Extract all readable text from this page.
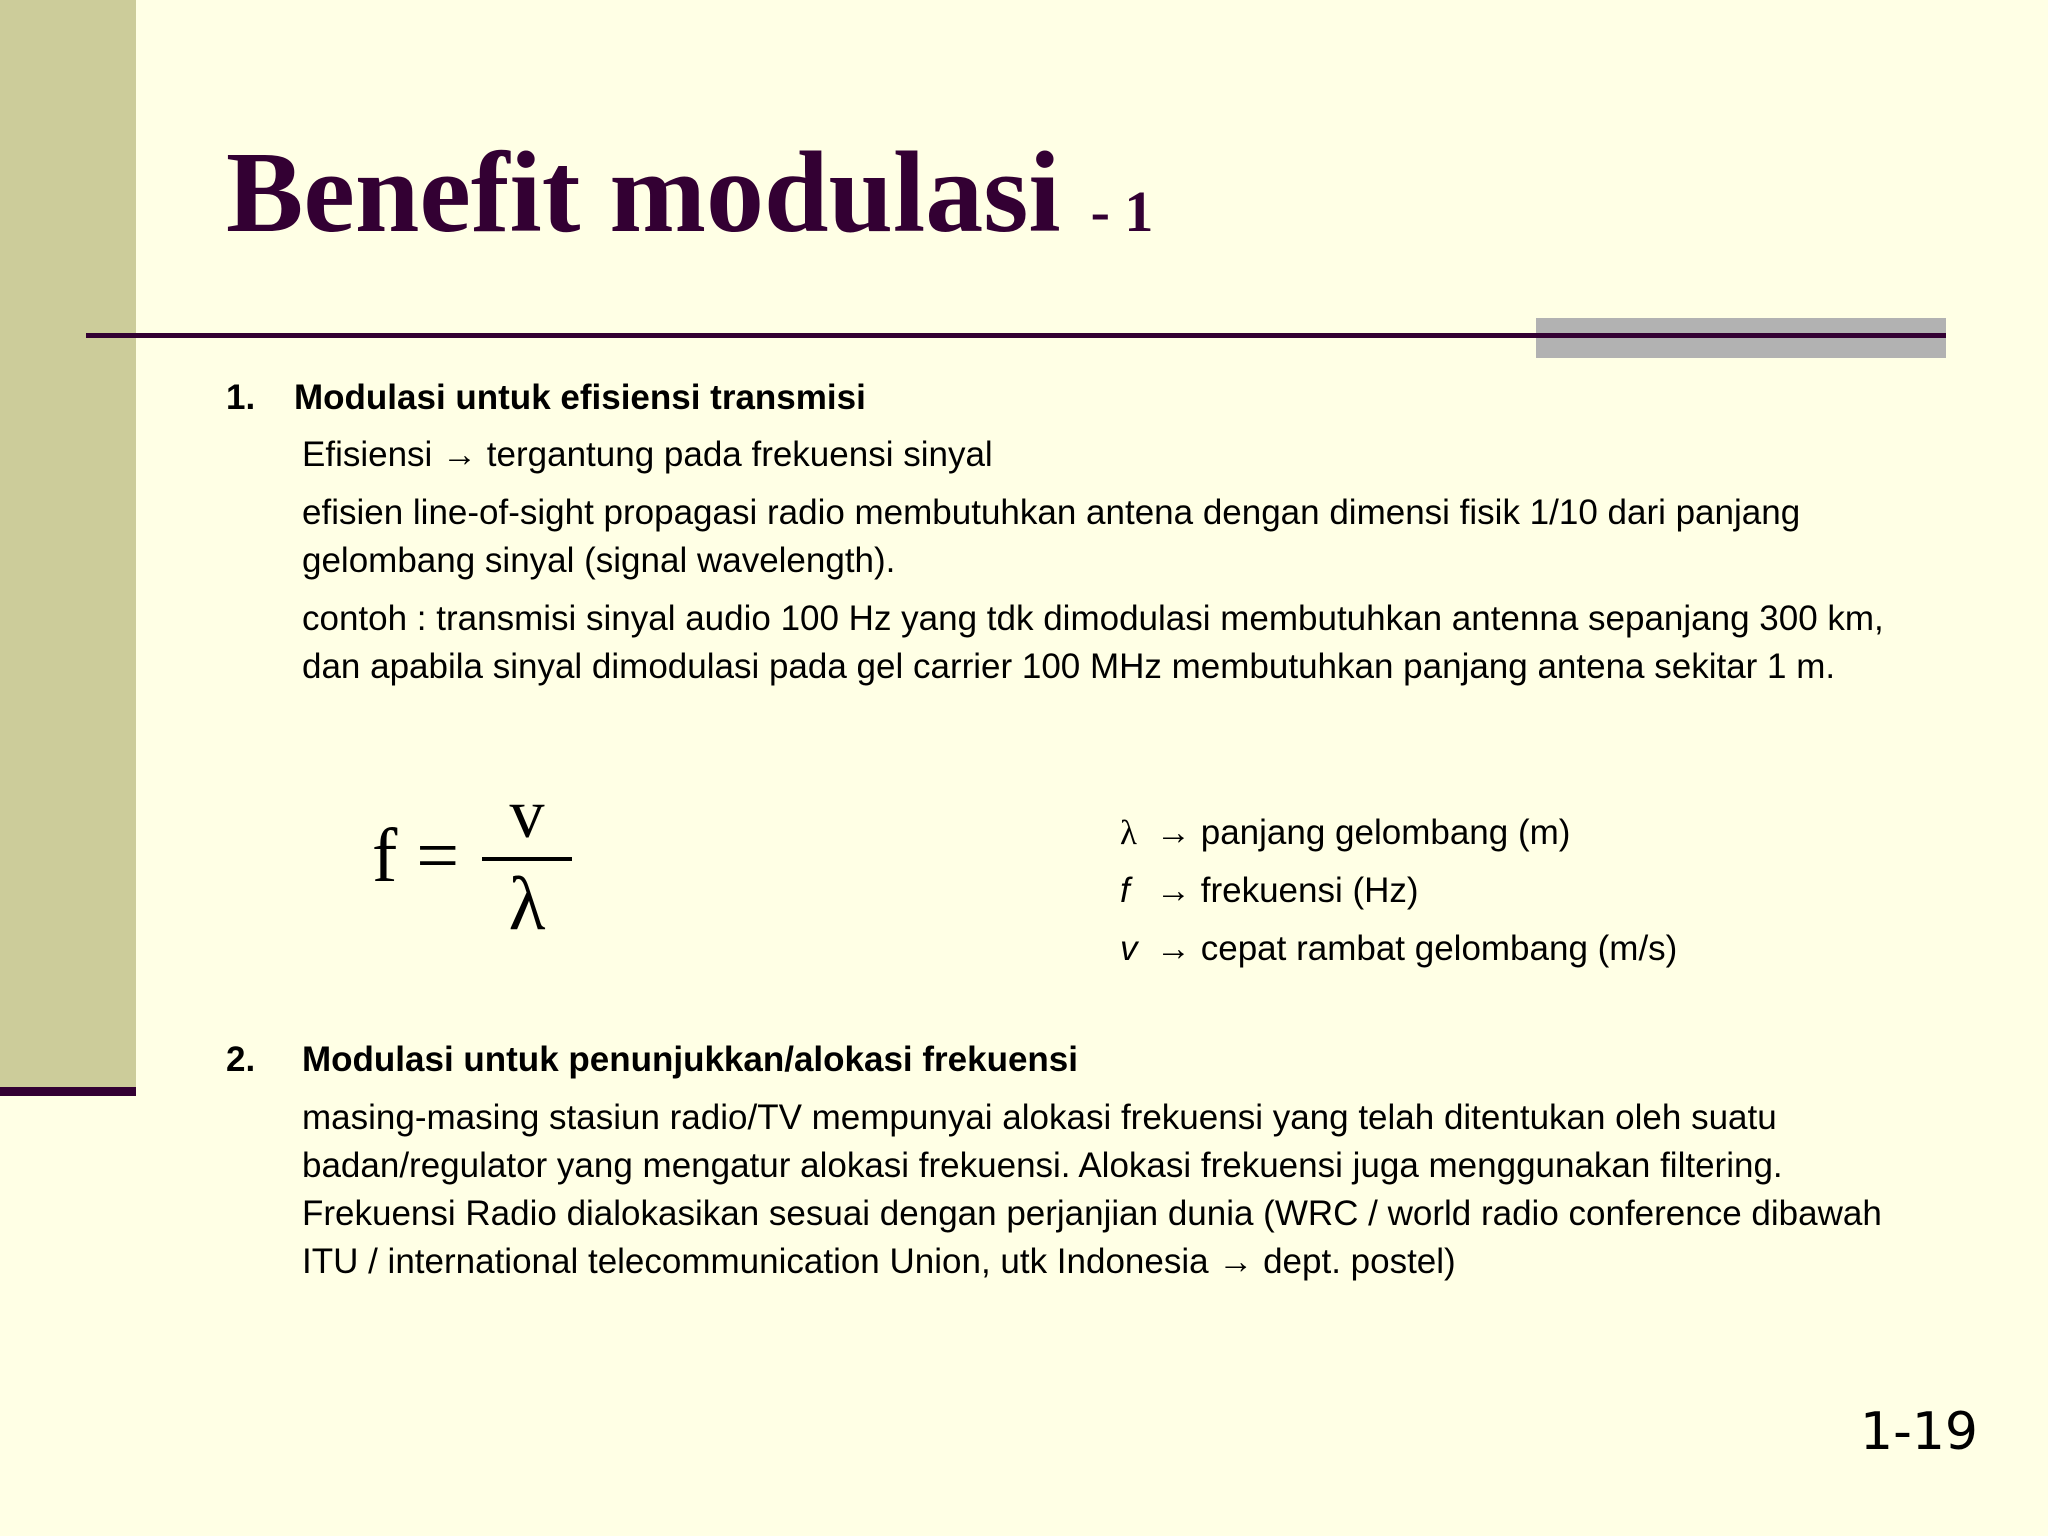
Benefit modulasi - 1

1. Modulasi untuk efisiensi transmisi

Efisiensi → tergantung pada frekuensi sinyal

efisien line-of-sight propagasi radio membutuhkan antena dengan dimensi fisik 1/10 dari panjang gelombang sinyal (signal wavelength).

contoh : transmisi sinyal audio 100 Hz yang tdk dimodulasi membutuhkan antenna sepanjang 300 km, dan apabila sinyal dimodulasi pada gel carrier 100 MHz membutuhkan panjang antena sekitar 1 m.

f = v
λ
λ → panjang gelombang (m)
f → frekuensi (Hz)
v → cepat rambat gelombang (m/s)

2. Modulasi untuk penunjukkan/alokasi frekuensi

masing-masing stasiun radio/TV mempunyai alokasi frekuensi yang telah ditentukan oleh suatu badan/regulator yang mengatur alokasi frekuensi. Alokasi frekuensi juga menggunakan filtering. Frekuensi Radio dialokasikan sesuai dengan perjanjian dunia (WRC / world radio conference dibawah ITU / international telecommunication Union, utk Indonesia → dept. postel)

1-19
